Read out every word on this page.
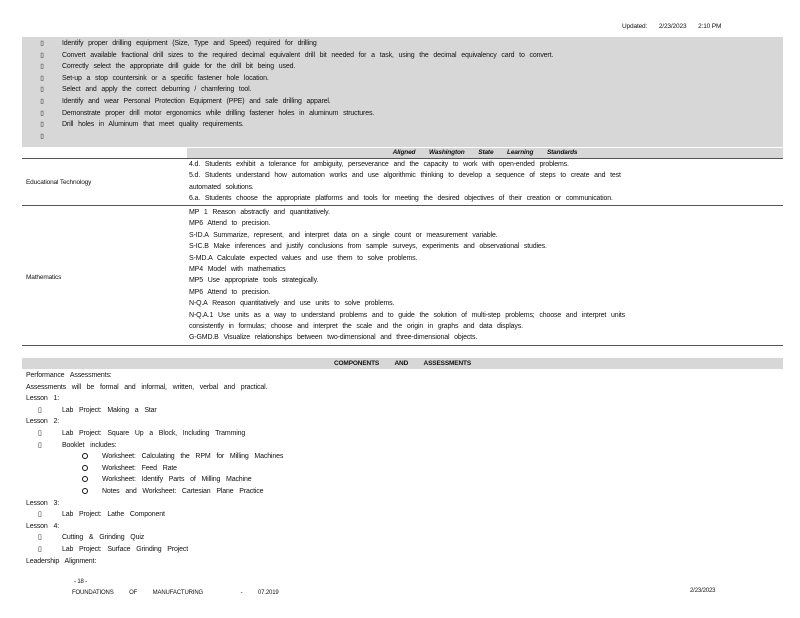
Updated: 2/23/2023 2:10 PM
▯	Identify proper drilling equipment (Size, Type and Speed) required for drilling
▯	Convert available fractional drill sizes to the required decimal equivalent drill bit needed for a task, using the decimal equivalency card to convert.
▯	Correctly select the appropriate drill guide for the drill bit being used.
▯	Set-up a stop countersink or a specific fastener hole location.
▯	Select and apply the correct deburring / chamfering tool.
▯	Identify and wear Personal Protection Equipment (PPE) and safe drilling apparel.
▯	Demonstrate proper drill motor ergonomics while drilling fastener holes in aluminum structures.
▯	Drill holes in Aluminum that meet quality requirements.
▯
Aligned Washington State Learning Standards
Educational Technology
4.d. Students exhibit a tolerance for ambiguity, perseverance and the capacity to work with open-ended problems.
5.d. Students understand how automation works and use algorithmic thinking to develop a sequence of steps to create and test
automated solutions.
6.a. Students choose the appropriate platforms and tools for meeting the desired objectives of their creation or communication.
Mathematics
MP 1 Reason abstractly and quantitatively.
MP6 Attend to precision.
S-ID.A Summarize, represent, and interpret data on a single count or measurement variable.
S-IC.B Make inferences and justify conclusions from sample surveys, experiments and observational studies.
S-MD.A Calculate expected values and use them to solve problems.
MP4 Model with mathematics
MP5 Use appropriate tools strategically.
MP6 Attend to precision.
N-Q.A Reason quantitatively and use units to solve problems.
N-Q.A.1 Use units as a way to understand problems and to guide the solution of multi-step problems; choose and interpret units
consistently in formulas; choose and interpret the scale and the origin in graphs and data displays.
G-GMD.B Visualize relationships between two-dimensional and three-dimensional objects.
COMPONENTS AND ASSESSMENTS
Performance Assessments:
Assessments will be formal and informal, written, verbal and practical.
Lesson 1:
▯	Lab Project: Making a Star
Lesson 2:
▯	Lab Project: Square Up a Block, Including Tramming
▯	Booklet includes:
Worksheet: Calculating the RPM for Milling Machines
Worksheet: Feed Rate
Worksheet: Identify Parts of Milling Machine
Notes and Worksheet: Cartesian Plane Practice
Lesson 3:
▯	Lab Project: Lathe Component
Lesson 4:
▯	Cutting & Grinding Quiz
▯	Lab Project: Surface Grinding Project
Leadership Alignment:
- 18 -
FOUNDATIONS OF MANUFACTURING	- 07.2019	2/23/2023
